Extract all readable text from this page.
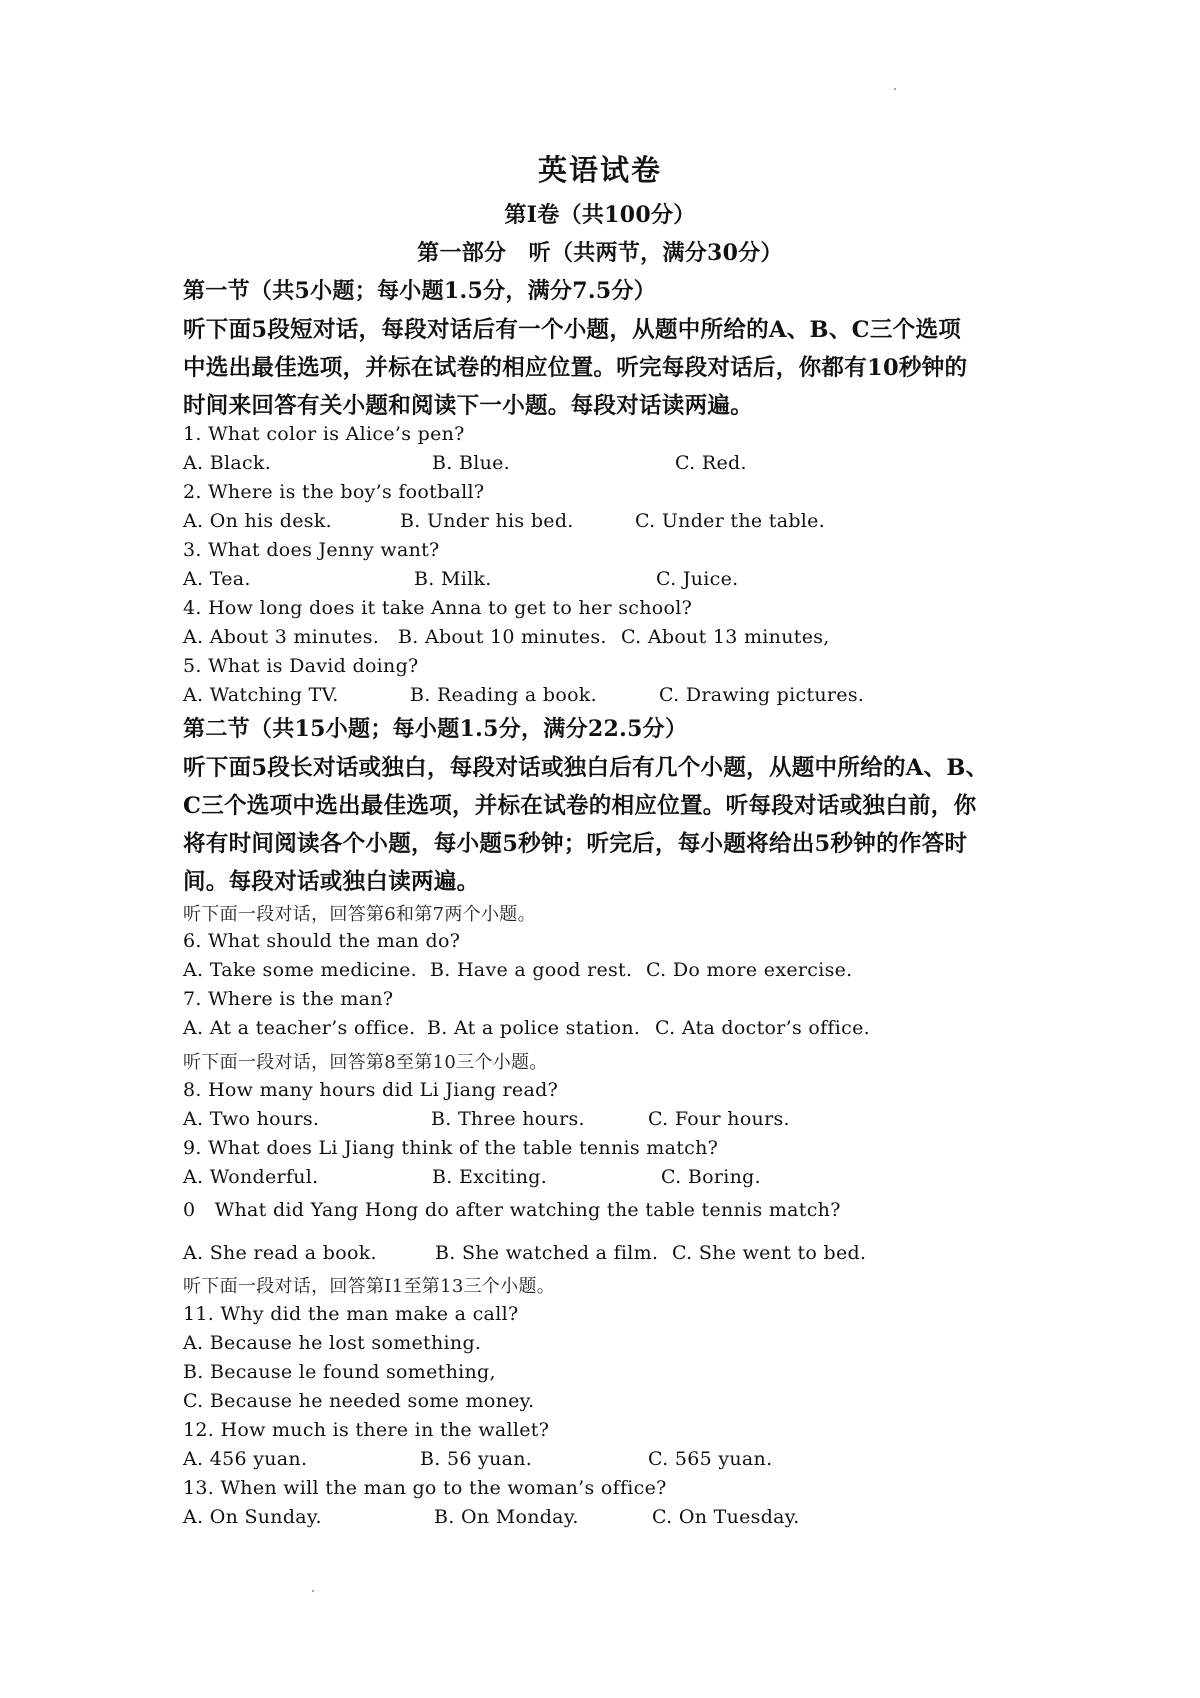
英语试卷
第Ⅰ卷（共100分）
第一部分　听（共两节，满分30分）
第一节（共5小题；每小题1.5分，满分7.5分）
听下面5段短对话，每段对话后有一个小题，从题中所给的A、B、C三个选项
中选出最佳选项，并标在试卷的相应位置。听完每段对话后，你都有10秒钟的
时间来回答有关小题和阅读下一小题。每段对话读两遍。
1. What color is Alice’s pen?
A. Black.	B. Blue.	C. Red.
2. Where is the boy’s football?
A. On his desk.	B. Under his bed.	C. Under the table.
3. What does Jenny want?
A. Tea.	B. Milk.	C. Juice.
4. How long does it take Anna to get to her school?
A. About 3 minutes. B. About 10 minutes. C. About 13 minutes,
5. What is David doing?
A. Watching TV.	B. Reading a book.	C. Drawing pictures.
第二节（共15小题；每小题1.5分，满分22.5分）
听下面5段长对话或独白，每段对话或独白后有几个小题，从题中所给的A、B、
C三个选项中选出最佳选项，并标在试卷的相应位置。听每段对话或独白前，你
将有时间阅读各个小题，每小题5秒钟；听完后，每小题将给出5秒钟的作答时
间。每段对话或独白读两遍。
听下面一段对话，回答第6和第7两个小题。
6. What should the man do?
A. Take some medicine. B. Have a good rest. C. Do more exercise.
7. Where is the man?
A. At a teacher’s office. B. At a police station. C. Ata doctor’s office.
听下面一段对话，回答第8至第10三个小题。
8. How many hours did Li Jiang read?
A. Two hours.	B. Three hours.	C. Four hours.
9. What does Li Jiang think of the table tennis match?
A. Wonderful.	B. Exciting.	C. Boring.
0　What did Yang Hong do after watching the table tennis match?
A. She read a book.	B. She watched a film. C. She went to bed.
听下面一段对话，回答第I1至第13三个小题。
11. Why did the man make a call?
A. Because he lost something.
B. Because le found something,
C. Because he needed some money.
12. How much is there in the wallet?
A. 456 yuan.	B. 56 yuan.	C. 565 yuan.
13. When will the man go to the woman’s office?
A. On Sunday.	B. On Monday.	C. On Tuesday.
